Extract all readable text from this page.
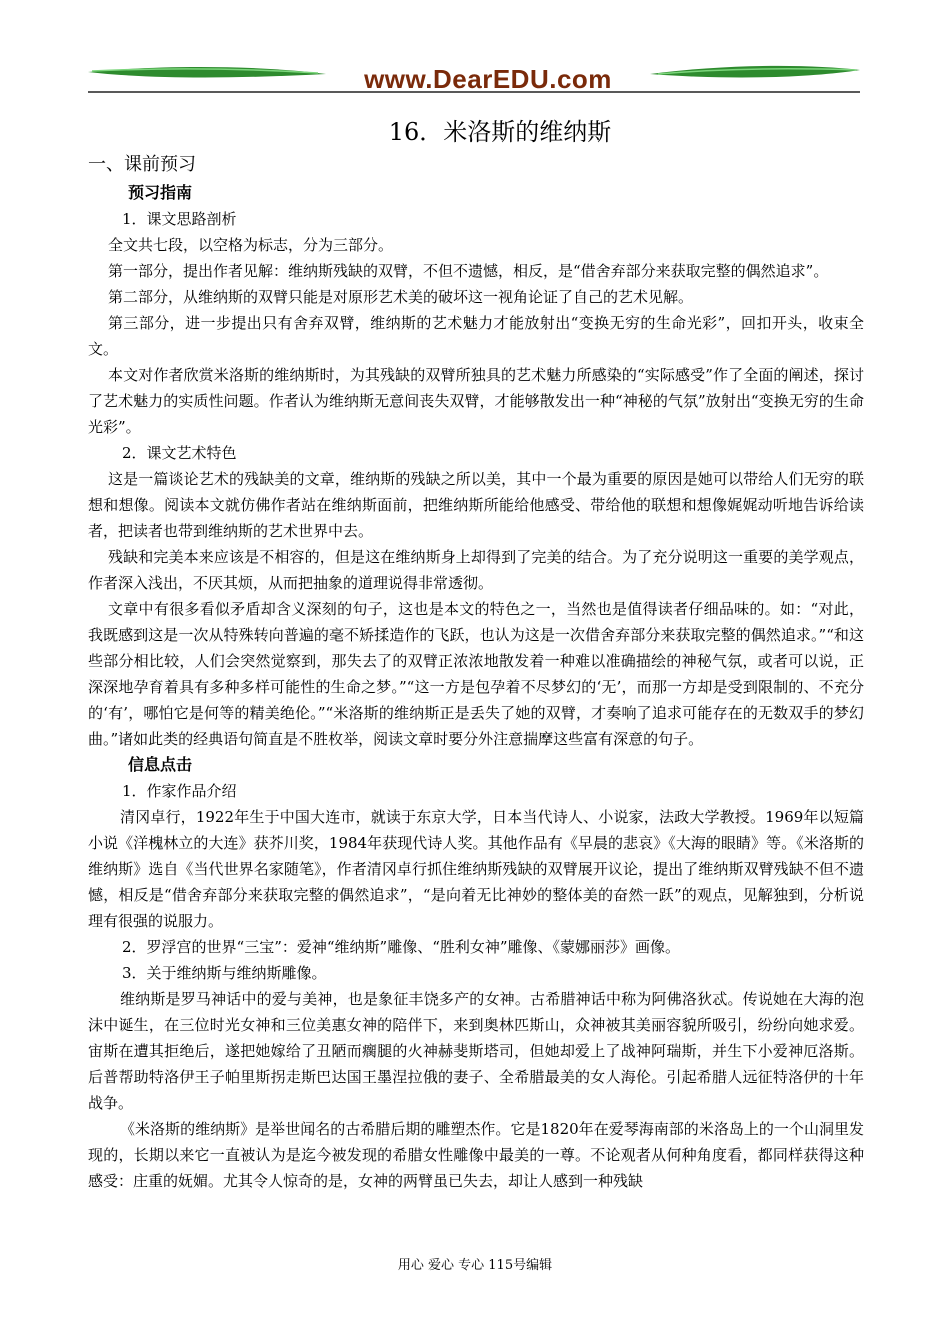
www.DearEDU.com
16．米洛斯的维纳斯

一、课前预习

预习指南

1．课文思路剖析

全文共七段，以空格为标志，分为三部分。

第一部分，提出作者见解：维纳斯残缺的双臂，不但不遗憾，相反，是“借舍弃部分来获取完整的偶然追求”。

第二部分，从维纳斯的双臂只能是对原形艺术美的破坏这一视角论证了自己的艺术见解。

第三部分，进一步提出只有舍弃双臂，维纳斯的艺术魅力才能放射出“变换无穷的生命光彩”，回扣开头，收束全文。

本文对作者欣赏米洛斯的维纳斯时，为其残缺的双臂所独具的艺术魅力所感染的“实际感受”作了全面的阐述，探讨了艺术魅力的实质性问题。作者认为维纳斯无意间丧失双臂，才能够散发出一种“神秘的气氛”放射出“变换无穷的生命光彩”。

2．课文艺术特色

这是一篇谈论艺术的残缺美的文章，维纳斯的残缺之所以美，其中一个最为重要的原因是她可以带给人们无穷的联想和想像。阅读本文就仿佛作者站在维纳斯面前，把维纳斯所能给他感受、带给他的联想和想像娓娓动听地告诉给读者，把读者也带到维纳斯的艺术世界中去。

残缺和完美本来应该是不相容的，但是这在维纳斯身上却得到了完美的结合。为了充分说明这一重要的美学观点，作者深入浅出，不厌其烦，从而把抽象的道理说得非常透彻。

文章中有很多看似矛盾却含义深刻的句子，这也是本文的特色之一，当然也是值得读者仔细品味的。如：“对此，我既感到这是一次从特殊转向普遍的毫不矫揉造作的飞跃，也认为这是一次借舍弃部分来获取完整的偶然追求。”“和这些部分相比较，人们会突然觉察到，那失去了的双臂正浓浓地散发着一种难以准确描绘的神秘气氛，或者可以说，正深深地孕育着具有多种多样可能性的生命之梦。”“这一方是包孕着不尽梦幻的‘无’，而那一方却是受到限制的、不充分的‘有’，哪怕它是何等的精美绝伦。”“米洛斯的维纳斯正是丢失了她的双臂，才奏响了追求可能存在的无数双手的梦幻曲。”诸如此类的经典语句简直是不胜枚举，阅读文章时要分外注意揣摩这些富有深意的句子。

信息点击

1．作家作品介绍

清冈卓行，1922年生于中国大连市，就读于东京大学，日本当代诗人、小说家，法政大学教授。1969年以短篇小说《洋槐林立的大连》获芥川奖，1984年获现代诗人奖。其他作品有《早晨的悲哀》《大海的眼睛》等。《米洛斯的维纳斯》选自《当代世界名家随笔》，作者清冈卓行抓住维纳斯残缺的双臂展开议论，提出了维纳斯双臂残缺不但不遗憾，相反是“借舍弃部分来获取完整的偶然追求”，“是向着无比神妙的整体美的奋然一跃”的观点，见解独到，分析说理有很强的说服力。

2．罗浮宫的世界“三宝”：爱神“维纳斯”雕像、“胜利女神”雕像、《蒙娜丽莎》画像。

3．关于维纳斯与维纳斯雕像。

维纳斯是罗马神话中的爱与美神，也是象征丰饶多产的女神。古希腊神话中称为阿佛洛狄忒。传说她在大海的泡沫中诞生，在三位时光女神和三位美惠女神的陪伴下，来到奥林匹斯山，众神被其美丽容貌所吸引，纷纷向她求爱。宙斯在遭其拒绝后，遂把她嫁给了丑陋而瘸腿的火神赫斐斯塔司，但她却爱上了战神阿瑞斯，并生下小爱神厄洛斯。后普帮助特洛伊王子帕里斯拐走斯巴达国王墨涅拉俄的妻子、全希腊最美的女人海伦。引起希腊人远征特洛伊的十年战争。

《米洛斯的维纳斯》是举世闻名的古希腊后期的雕塑杰作。它是1820年在爱琴海南部的米洛岛上的一个山洞里发现的，长期以来它一直被认为是迄今被发现的希腊女性雕像中最美的一尊。不论观者从何种角度看，都同样获得这种感受：庄重的妩媚。尤其令人惊奇的是，女神的两臂虽已失去，却让人感到一种残缺

用心 爱心 专心 115号编辑
